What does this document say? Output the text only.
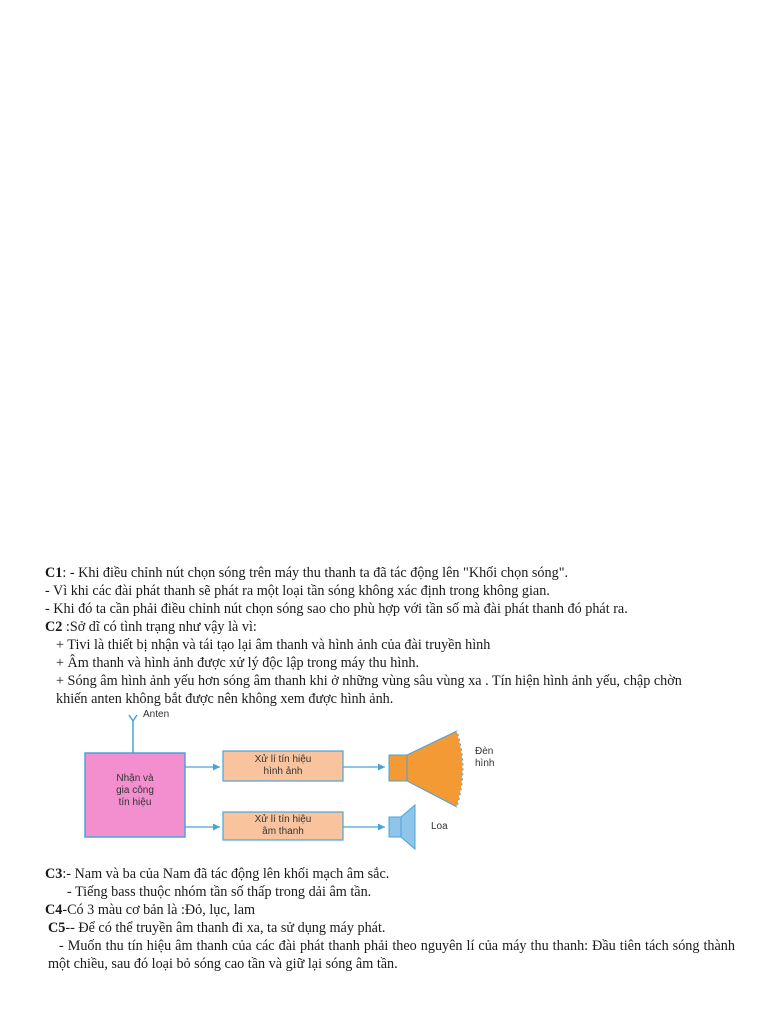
C1: - Khi điều chỉnh nút chọn sóng trên máy thu thanh ta đã tác động lên "Khối chọn sóng".
- Vì khi các đài phát thanh sẽ phát ra một loại tần sóng không xác định trong không gian.
- Khi đó ta cần phải điều chỉnh nút chọn sóng sao cho phù hợp với tần số mà đài phát thanh đó phát ra.
C2 :Sở dĩ có tình trạng như vậy là vì:
+ Tivi là thiết bị nhận và tái tạo lại âm thanh và hình ảnh của đài truyền hình
+ Âm thanh và hình ảnh được xử lý độc lập trong máy thu hình.
+ Sóng âm hình ảnh yếu hơn sóng âm thanh khi ở những vùng sâu vùng xa . Tín hiện hình ảnh yếu, chập chờn
khiến anten không bắt được nên không xem được hình ảnh.
Anten
Nhận và
gia công
tín hiệu
Xử lí tín hiệu
hình ảnh
Xử lí tín hiệu
âm thanh
Đèn
hình
Loa
C3:- Nam và ba của Nam đã tác động lên khối mạch âm sắc.
- Tiếng bass thuộc nhóm tần số thấp trong dải âm tần.
C4-Có 3 màu cơ bản là :Đỏ, lục, lam
C5-- Để có thể truyền âm thanh đi xa, ta sử dụng máy phát.
- Muốn thu tín hiệu âm thanh của các đài phát thanh phải theo nguyên lí của máy thu thanh: Đầu tiên tách sóng thành một chiều, sau đó loại bỏ sóng cao tần và giữ lại sóng âm tần.
